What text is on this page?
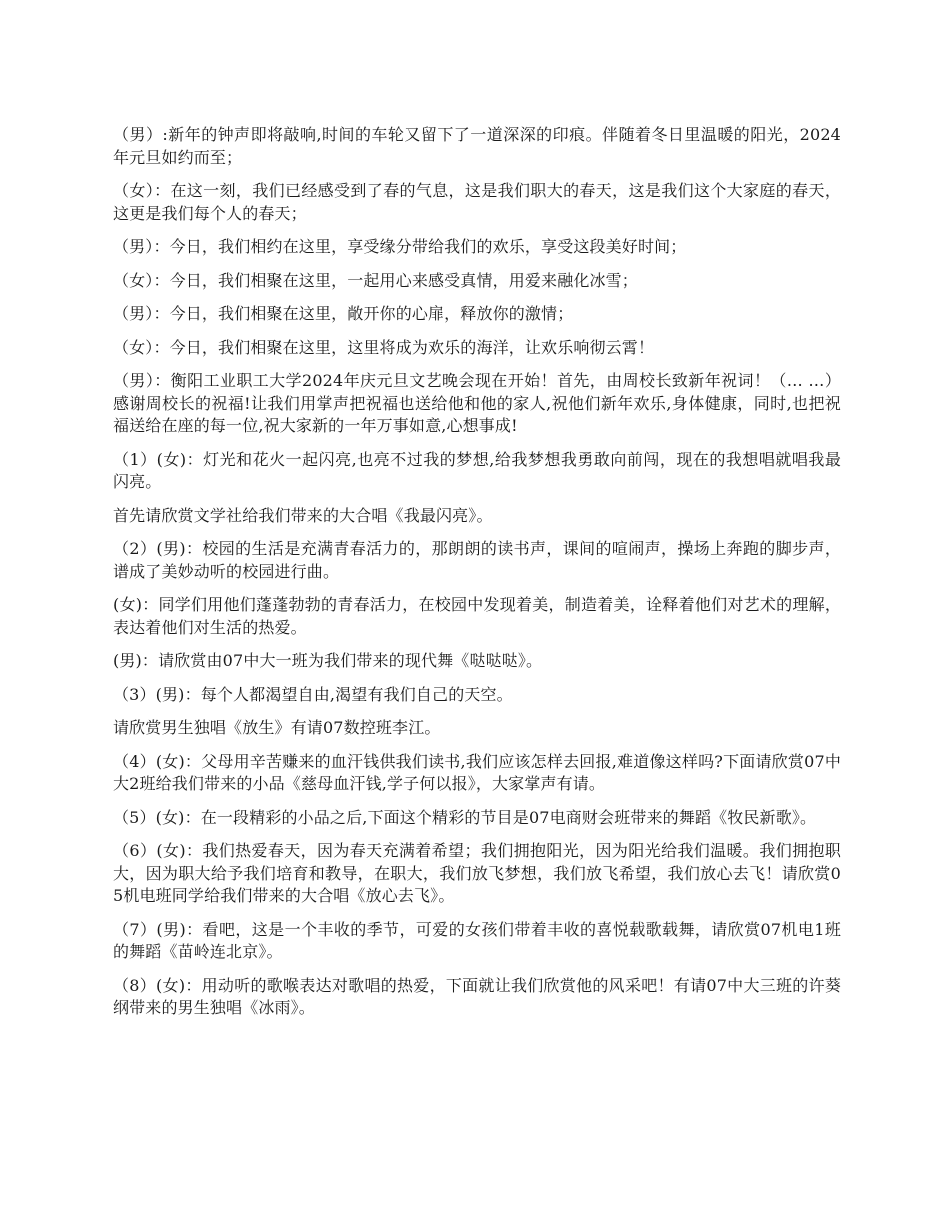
（男）:新年的钟声即将敲响,时间的车轮又留下了一道深深的印痕。伴随着冬日里温暖的阳光，2024年元旦如约而至；

（女）：在这一刻，我们已经感受到了春的气息，这是我们职大的春天，这是我们这个大家庭的春天，这更是我们每个人的春天；

（男）：今日，我们相约在这里，享受缘分带给我们的欢乐，享受这段美好时间；

（女）：今日，我们相聚在这里，一起用心来感受真情，用爱来融化冰雪；

（男）：今日，我们相聚在这里，敞开你的心扉，释放你的激情；

（女）：今日，我们相聚在这里，这里将成为欢乐的海洋，让欢乐响彻云霄！

（男）：衡阳工业职工大学2024年庆元旦文艺晚会现在开始！首先，由周校长致新年祝词！（… …）感谢周校长的祝福!让我们用掌声把祝福也送给他和他的家人,祝他们新年欢乐,身体健康，同时,也把祝福送给在座的每一位,祝大家新的一年万事如意,心想事成!

（1）(女)：灯光和花火一起闪亮,也亮不过我的梦想,给我梦想我勇敢向前闯，现在的我想唱就唱我最闪亮。

首先请欣赏文学社给我们带来的大合唱《我最闪亮》。

（2）(男)：校园的生活是充满青春活力的，那朗朗的读书声，课间的喧闹声，操场上奔跑的脚步声，谱成了美妙动听的校园进行曲。

(女)：同学们用他们蓬蓬勃勃的青春活力，在校园中发现着美，制造着美，诠释着他们对艺术的理解，表达着他们对生活的热爱。

(男)：请欣赏由07中大一班为我们带来的现代舞《哒哒哒》。

（3）(男)：每个人都渴望自由,渴望有我们自己的天空。

请欣赏男生独唱《放生》有请07数控班李江。

（4）(女)：父母用辛苦赚来的血汗钱供我们读书,我们应该怎样去回报,难道像这样吗?下面请欣赏07中大2班给我们带来的小品《慈母血汗钱,学子何以报》，大家掌声有请。

（5）(女)：在一段精彩的小品之后,下面这个精彩的节目是07电商财会班带来的舞蹈《牧民新歌》。

（6）(女)：我们热爱春天，因为春天充满着希望；我们拥抱阳光，因为阳光给我们温暖。我们拥抱职大，因为职大给予我们培育和教导，在职大，我们放飞梦想，我们放飞希望，我们放心去飞！请欣赏05机电班同学给我们带来的大合唱《放心去飞》。

（7）(男)：看吧，这是一个丰收的季节，可爱的女孩们带着丰收的喜悦载歌载舞，请欣赏07机电1班的舞蹈《苗岭连北京》。

（8）(女)：用动听的歌喉表达对歌唱的热爱，下面就让我们欣赏他的风采吧！有请07中大三班的许葵纲带来的男生独唱《冰雨》。
